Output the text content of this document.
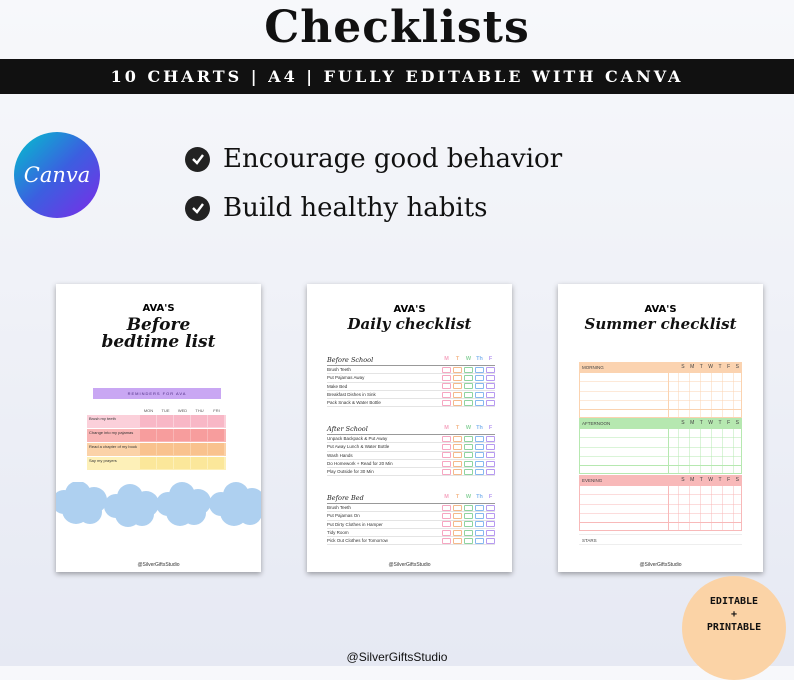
Checklists
10 CHARTS | A4 | FULLY EDITABLE WITH CANVA
Canva
Encourage good behavior
Build healthy habits
AVA'S
Before
bedtime list
REMINDERS FOR AVA
MON	TUE	WED	THU	FRI
Brush my teeth
Change into my pajamas
Read a chapter of my book
Say my prayers
@SilverGiftsStudio
AVA'S
Daily checklist
Before School	M	T	W Th	F
Brush Teeth
Put Pajamas Away
Make Bed
Breakfast Dishes in Sink
Pack Snack & Water Bottle
After School	M	T	W Th	F
Unpack Backpack & Put Away
Put Away Lunch & Water Bottle
Wash Hands
Do Homework + Read for 20 Min
Play Outside for 30 Min
Before Bed	M	T	W Th	F
Brush Teeth
Put Pajamas On
Put Dirty Clothes in Hamper
Tidy Room
Pick Out Clothes for Tomorrow
@SilverGiftsStudio
AVA'S
Summer checklist
MORNING	S M T W T F S
AFTERNOON	S M T W T F S
EVENING	S M T W T F S
STARS
@SilverGiftsStudio
EDITABLE
+
PRINTABLE
@SilverGiftsStudio
